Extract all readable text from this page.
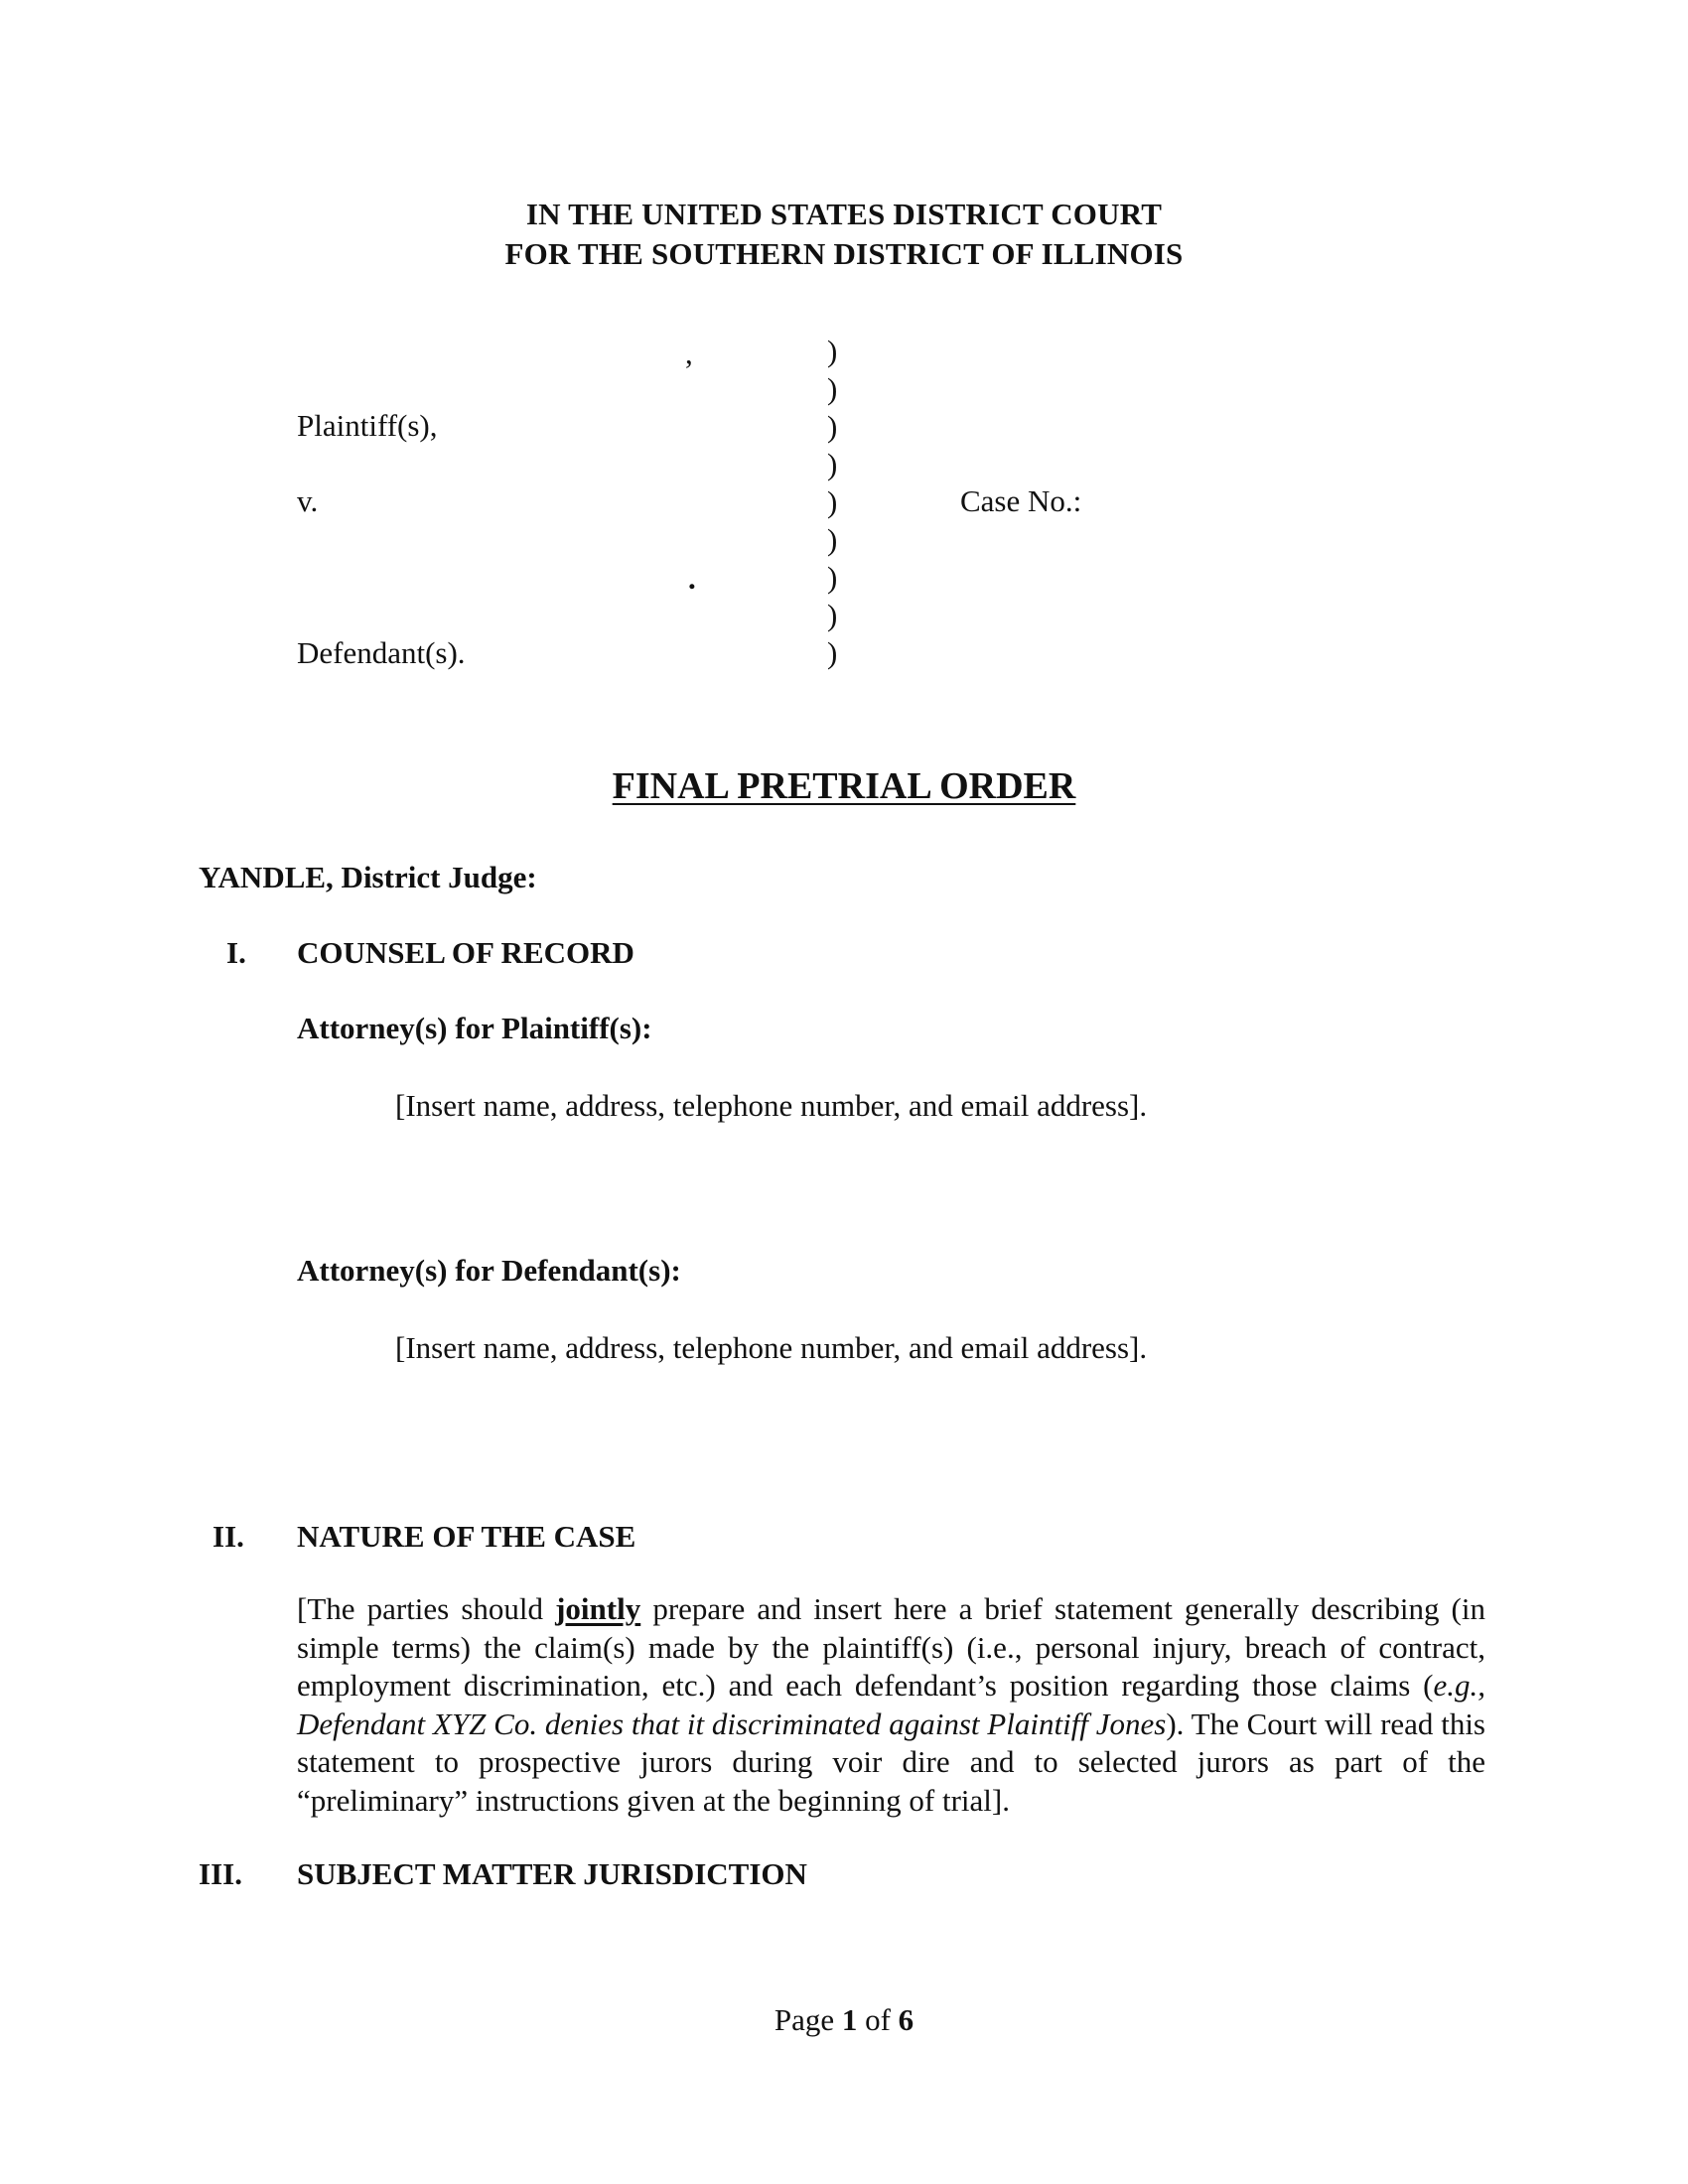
IN THE UNITED STATES DISTRICT COURT
FOR THE SOUTHERN DISTRICT OF ILLINOIS
,
Plaintiff(s),
v.	Case No.:
.
Defendant(s).
)
)
)
)
)
)
)
)
)
FINAL PRETRIAL ORDER
YANDLE, District Judge:
I. COUNSEL OF RECORD
Attorney(s) for Plaintiff(s):
[Insert name, address, telephone number, and email address].
Attorney(s) for Defendant(s):
[Insert name, address, telephone number, and email address].
II. NATURE OF THE CASE
[The parties should jointly prepare and insert here a brief statement generally describing (in simple terms) the claim(s) made by the plaintiff(s) (i.e., personal injury, breach of contract, employment discrimination, etc.) and each defendant’s position regarding those claims (e.g., Defendant XYZ Co. denies that it discriminated against Plaintiff Jones). The Court will read this statement to prospective jurors during voir dire and to selected jurors as part of the “preliminary” instructions given at the beginning of trial].
III. SUBJECT MATTER JURISDICTION
Page 1 of 6
